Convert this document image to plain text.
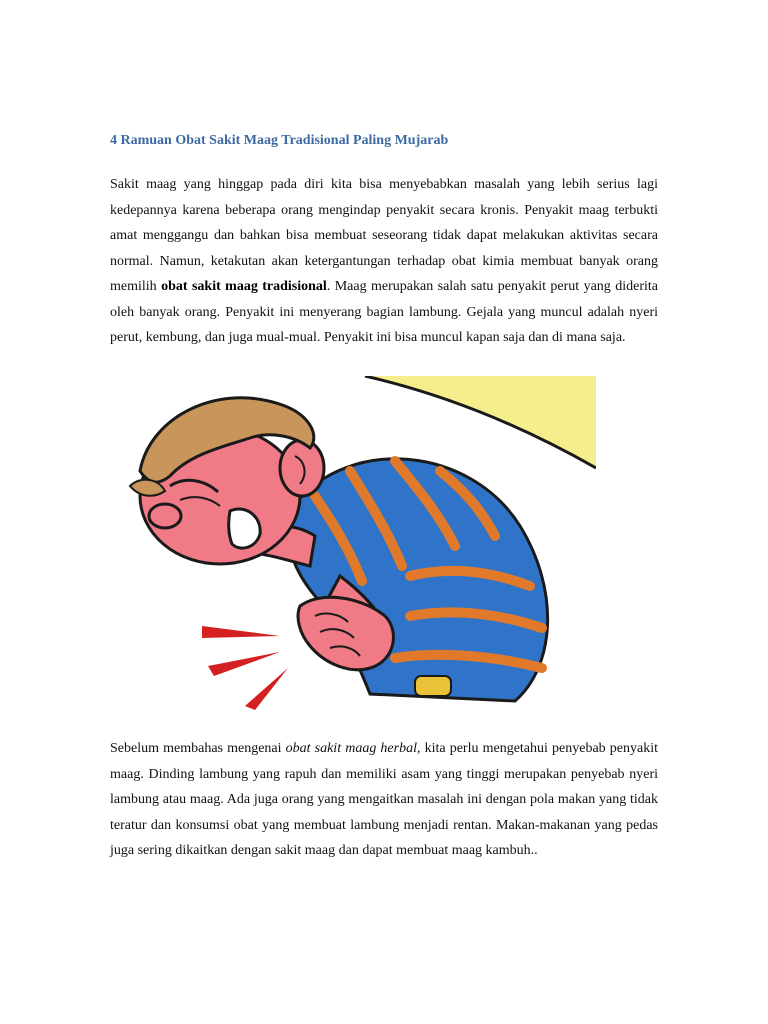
4 Ramuan Obat Sakit Maag Tradisional Paling Mujarab

Sakit maag yang hinggap pada diri kita bisa menyebabkan masalah yang lebih serius lagi kedepannya karena beberapa orang mengindap penyakit secara kronis. Penyakit maag terbukti amat menggangu dan bahkan bisa membuat seseorang tidak dapat melakukan aktivitas secara normal. Namun, ketakutan akan ketergantungan terhadap obat kimia membuat banyak orang memilih obat sakit maag tradisional. Maag merupakan salah satu penyakit perut yang diderita oleh banyak orang. Penyakit ini menyerang bagian lambung. Gejala yang muncul adalah nyeri perut, kembung, dan juga mual-mual. Penyakit ini bisa muncul kapan saja dan di mana saja.

Sebelum membahas mengenai obat sakit maag herbal, kita perlu mengetahui penyebab penyakit maag. Dinding lambung yang rapuh dan memiliki asam yang tinggi merupakan penyebab nyeri lambung atau maag. Ada juga orang yang mengaitkan masalah ini dengan pola makan yang tidak teratur dan konsumsi obat yang membuat lambung menjadi rentan. Makan-makanan yang pedas juga sering dikaitkan dengan sakit maag dan dapat membuat maag kambuh..
